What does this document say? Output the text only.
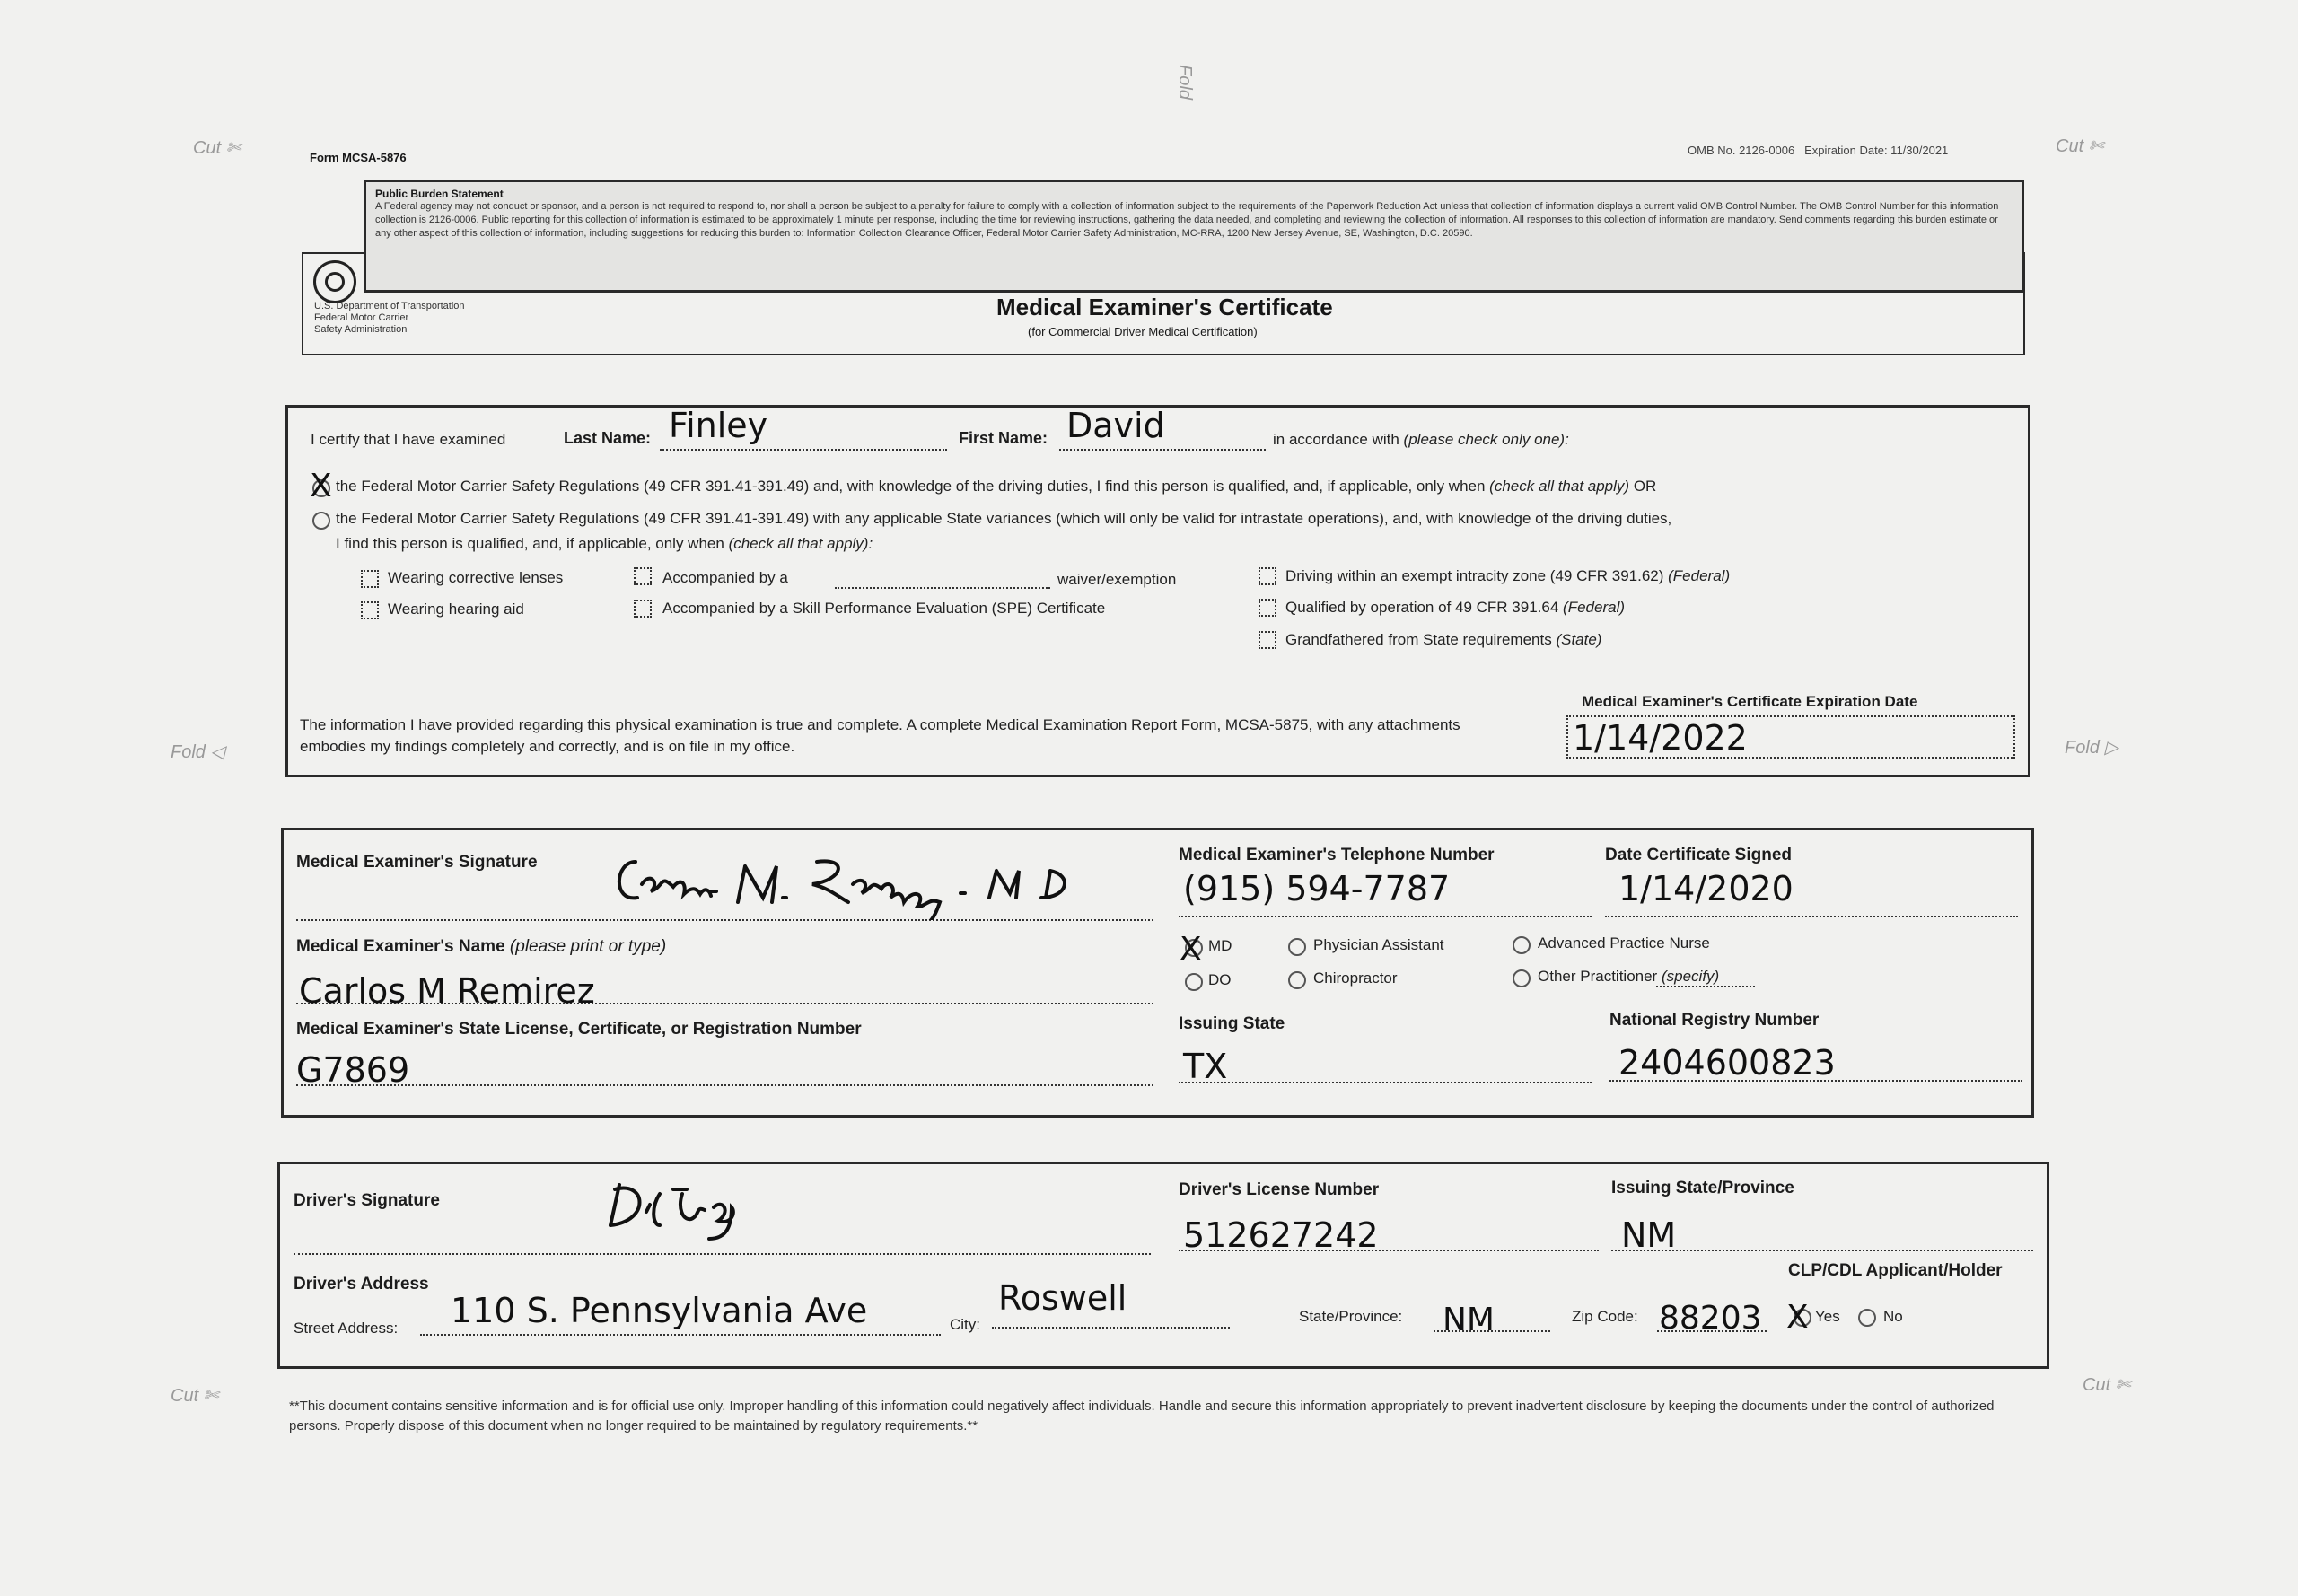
Cut ✄	Cut ✄
Fold ◁	Fold ▷
Cut ✄
Cut ✄
Fold
Form MCSA-5876
OMB No. 2126-0006 Expiration Date: 11/30/2021
Public Burden Statement
A Federal agency may not conduct or sponsor, and a person is not required to respond to, nor shall a person be subject to a penalty for failure to comply with a collection of information subject to the requirements of the Paperwork Reduction Act unless that collection of information displays a current valid OMB Control Number. The OMB Control Number for this information collection is 2126-0006. Public reporting for this collection of information is estimated to be approximately 1 minute per response, including the time for reviewing instructions, gathering the data needed, and completing and reviewing the collection of information. All responses to this collection of information are mandatory. Send comments regarding this burden estimate or any other aspect of this collection of information, including suggestions for reducing this burden to: Information Collection Clearance Officer, Federal Motor Carrier Safety Administration, MC-RRA, 1200 New Jersey Avenue, SE, Washington, D.C. 20590.
U.S. Department of Transportation
Federal Motor Carrier
Safety Administration
Medical Examiner's Certificate
(for Commercial Driver Medical Certification)
I certify that I have examined	Last Name: Finley	First Name: David	in accordance with (please check only one):
X the Federal Motor Carrier Safety Regulations (49 CFR 391.41-391.49) and, with knowledge of the driving duties, I find this person is qualified, and, if applicable, only when (check all that apply) OR
the Federal Motor Carrier Safety Regulations (49 CFR 391.41-391.49) with any applicable State variances (which will only be valid for intrastate operations), and, with knowledge of the driving duties,
I find this person is qualified, and, if applicable, only when (check all that apply):
Wearing corrective lenses
Wearing hearing aid
Accompanied by a	waiver/exemption
Accompanied by a Skill Performance Evaluation (SPE) Certificate
Driving within an exempt intracity zone (49 CFR 391.62) (Federal)
Qualified by operation of 49 CFR 391.64 (Federal)
Grandfathered from State requirements (State)
The information I have provided regarding this physical examination is true and complete. A complete Medical Examination Report Form, MCSA-5875, with any attachments embodies my findings completely and correctly, and is on file in my office.
Medical Examiner's Certificate Expiration Date
1/14/2022
Medical Examiner's Signature	Medical Examiner's Telephone Number
(915) 594-7787
Date Certificate Signed
1/14/2020
Medical Examiner's Name (please print or type)
Carlos M Remirez
X MD
DO
Physician Assistant
Chiropractor
Advanced Practice Nurse
Other Practitioner (specify)
Medical Examiner's State License, Certificate, or Registration Number
G7869
Issuing State
TX
National Registry Number
2404600823
Driver's Signature
Driver's License Number
512627242
Issuing State/Province
NM
Driver's Address
Street Address: 110 S. Pennsylvania Ave	City:
Roswell	State/Province: NM	Zip Code: 88203
CLP/CDL Applicant/Holder
X Yes	No
**This document contains sensitive information and is for official use only. Improper handling of this information could negatively affect individuals. Handle and secure this information appropriately to prevent inadvertent disclosure by keeping the documents under the control of authorized persons. Properly dispose of this document when no longer required to be maintained by regulatory requirements.**
